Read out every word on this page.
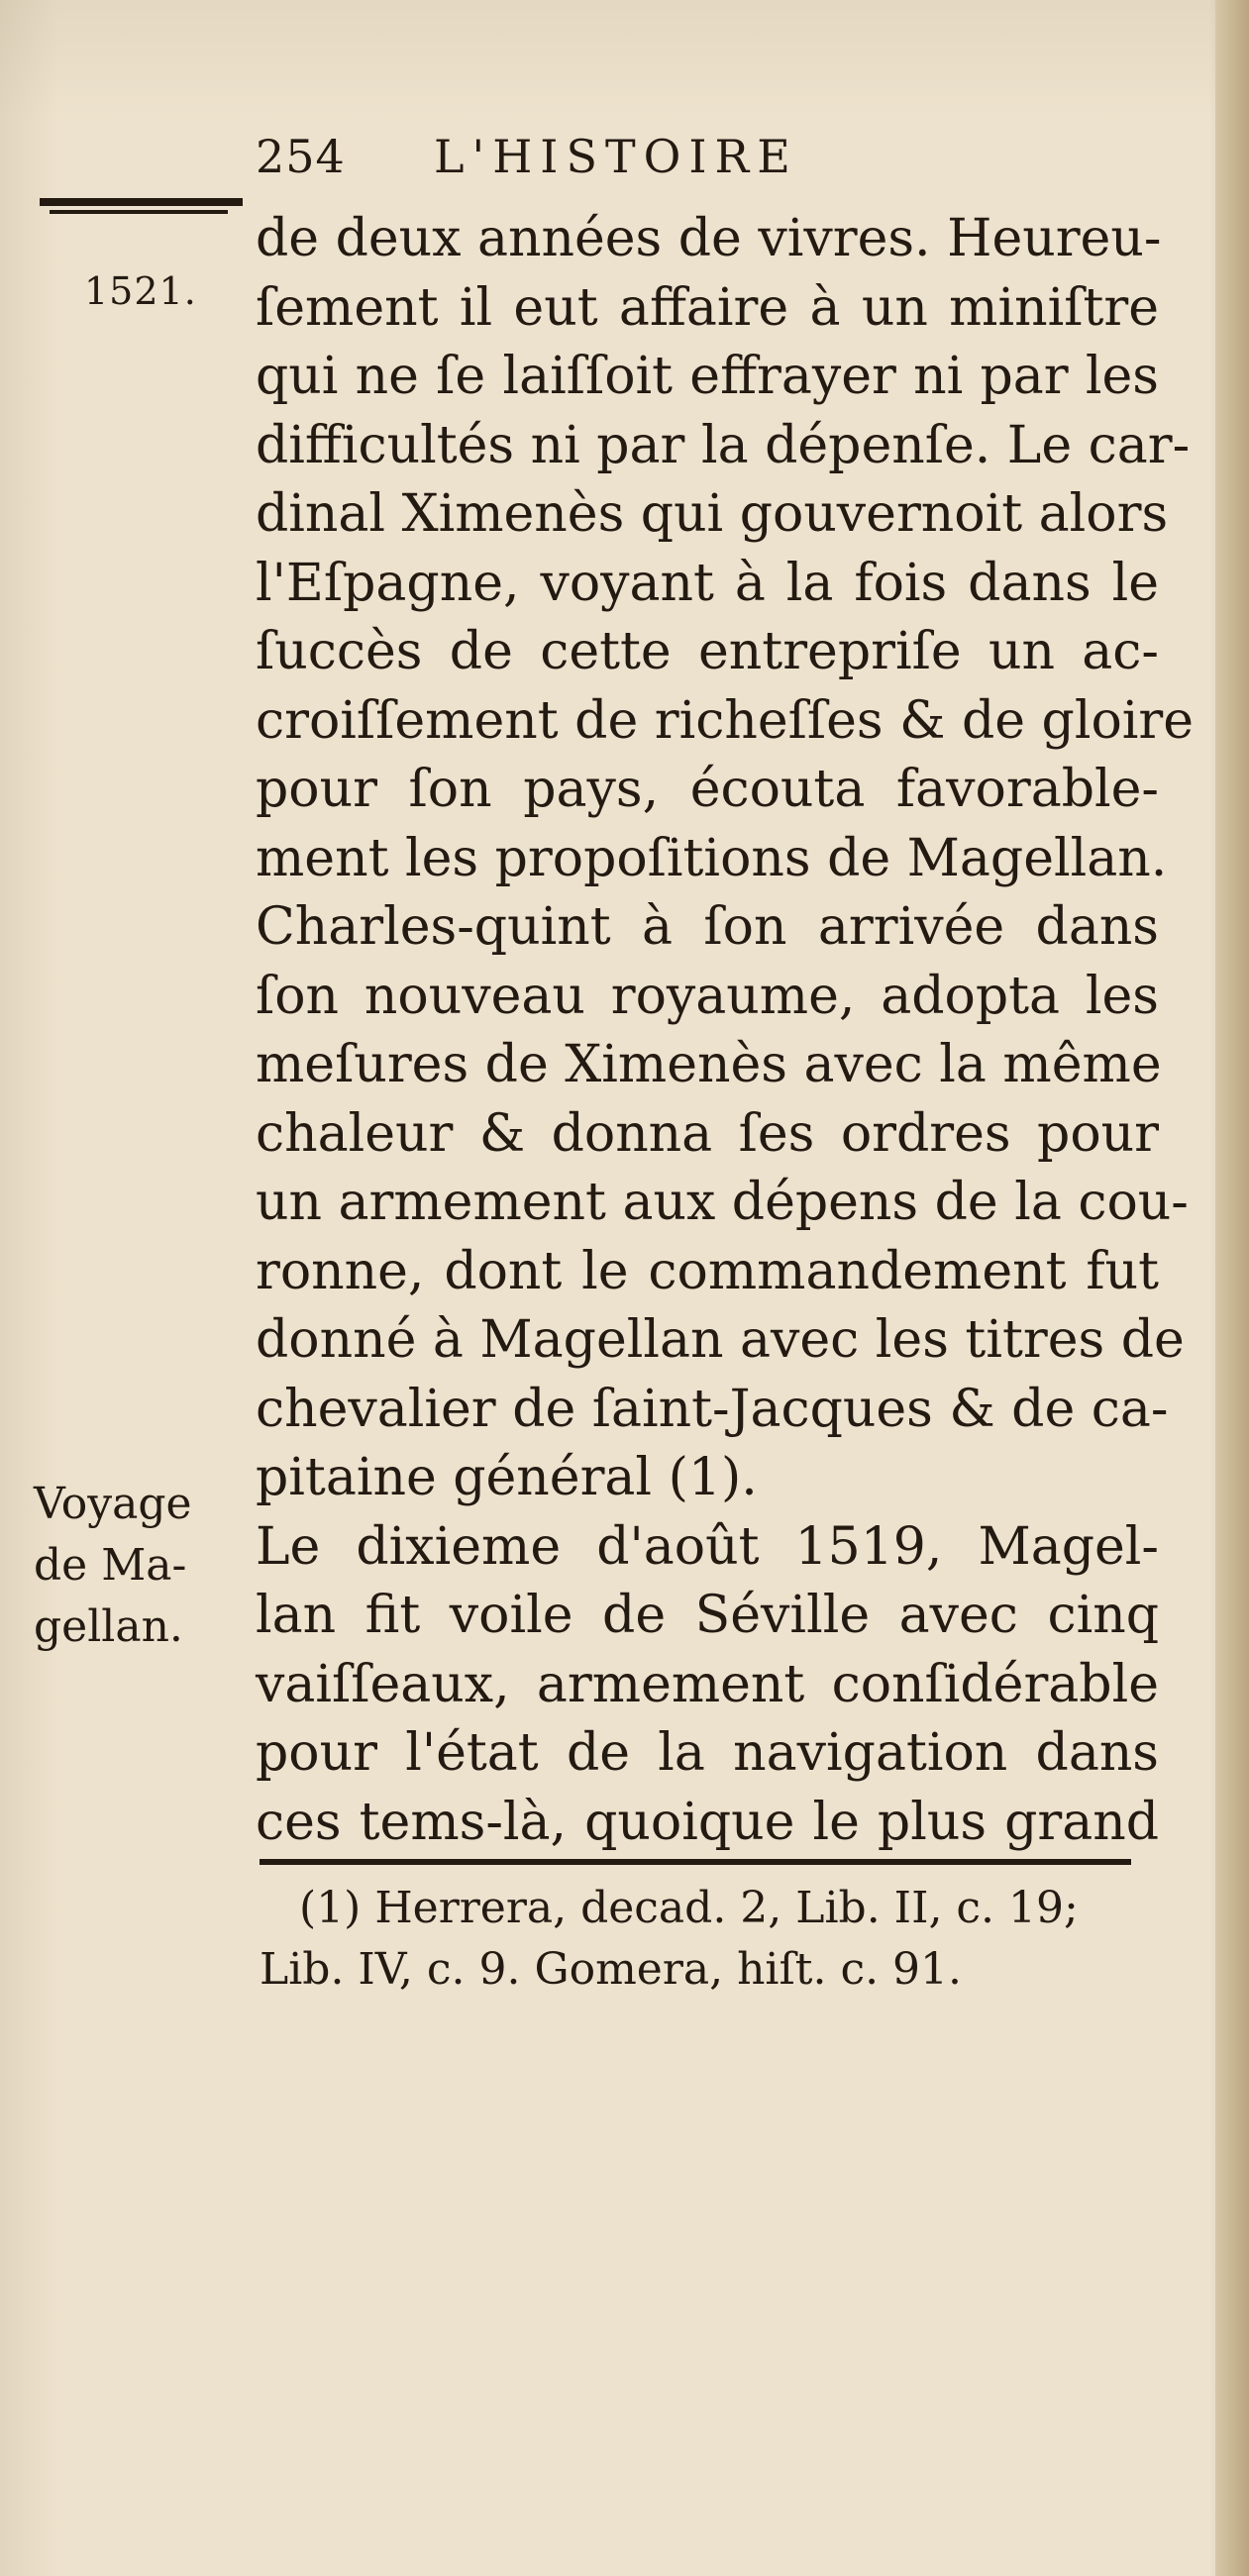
254 L'HISTOIRE
1521.
Voyage
de Ma-
gellan.
de deux années de vivres. Heureu-
ſement il eut affaire à un miniſtre
qui ne ſe laiſſoit effrayer ni par les
difficultés ni par la dépenſe. Le car-
dinal Ximenès qui gouvernoit alors
l'Eſpagne, voyant à la fois dans le
ſuccès de cette entrepriſe un ac-
croiſſement de richeſſes & de gloire
pour ſon pays, écouta favorable-
ment les propoſitions de Magellan.
Charles-quint à ſon arrivée dans
ſon nouveau royaume, adopta les
meſures de Ximenès avec la même
chaleur & donna ſes ordres pour
un armement aux dépens de la cou-
ronne, dont le commandement fut
donné à Magellan avec les titres de
chevalier de ſaint-Jacques & de ca-
pitaine général (1).
Le dixieme d'août 1519, Magel-
lan fit voile de Séville avec cinq
vaiſſeaux, armement conſidérable
pour l'état de la navigation dans
ces tems-là, quoique le plus grand
(1) Herrera, decad. 2, Lib. II, c. 19;
Lib. IV, c. 9. Gomera, hiſt. c. 91.
